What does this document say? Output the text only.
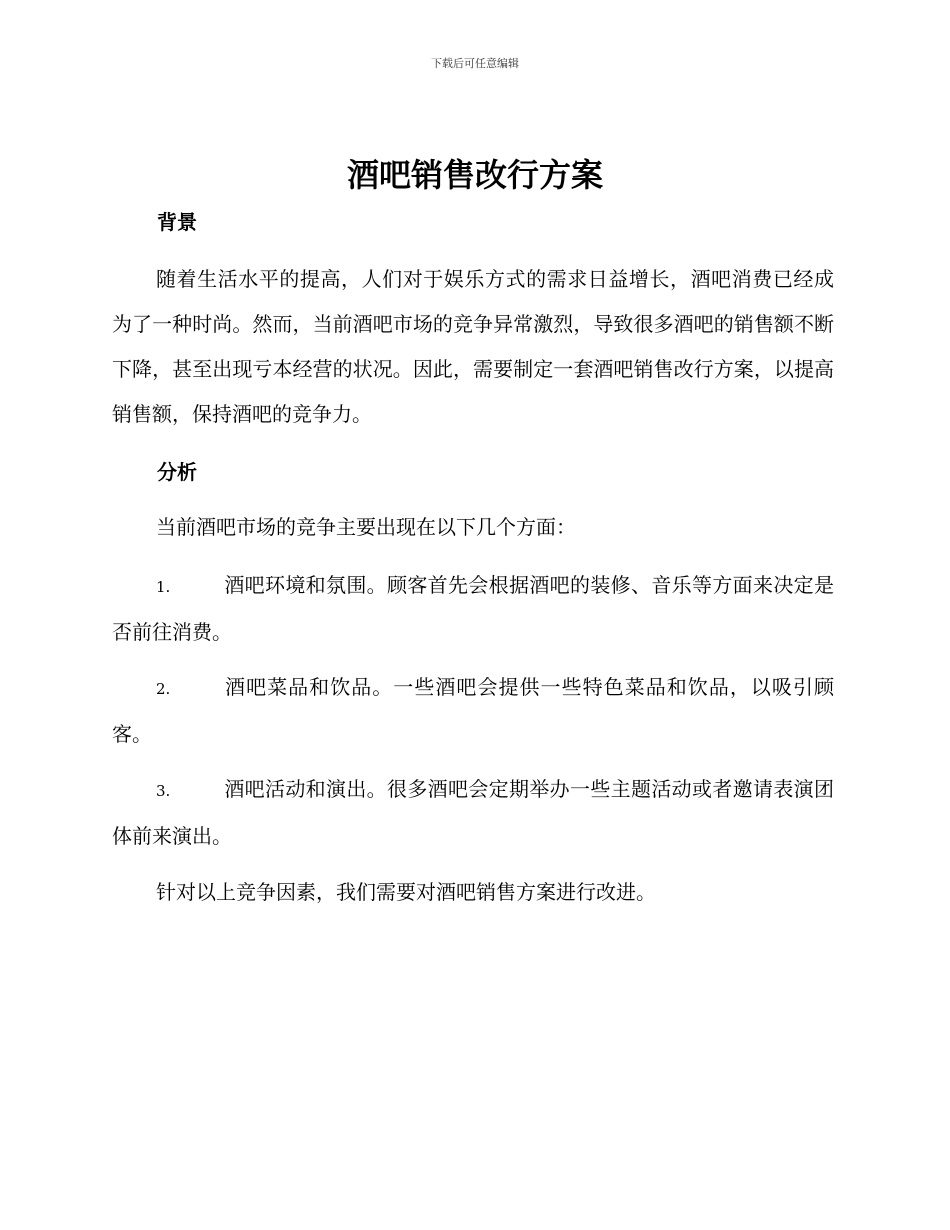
下载后可任意编辑
酒吧销售改行方案
背景

随着生活水平的提高，人们对于娱乐方式的需求日益增长，酒吧消费已经成为了一种时尚。然而，当前酒吧市场的竞争异常激烈，导致很多酒吧的销售额不断下降，甚至出现亏本经营的状况。因此，需要制定一套酒吧销售改行方案，以提高销售额，保持酒吧的竞争力。

分析

当前酒吧市场的竞争主要出现在以下几个方面：

1.	酒吧环境和氛围。顾客首先会根据酒吧的装修、音乐等方面来决定是否前往消费。

2.	酒吧菜品和饮品。一些酒吧会提供一些特色菜品和饮品，以吸引顾客。

3.	酒吧活动和演出。很多酒吧会定期举办一些主题活动或者邀请表演团体前来演出。

针对以上竞争因素，我们需要对酒吧销售方案进行改进。
